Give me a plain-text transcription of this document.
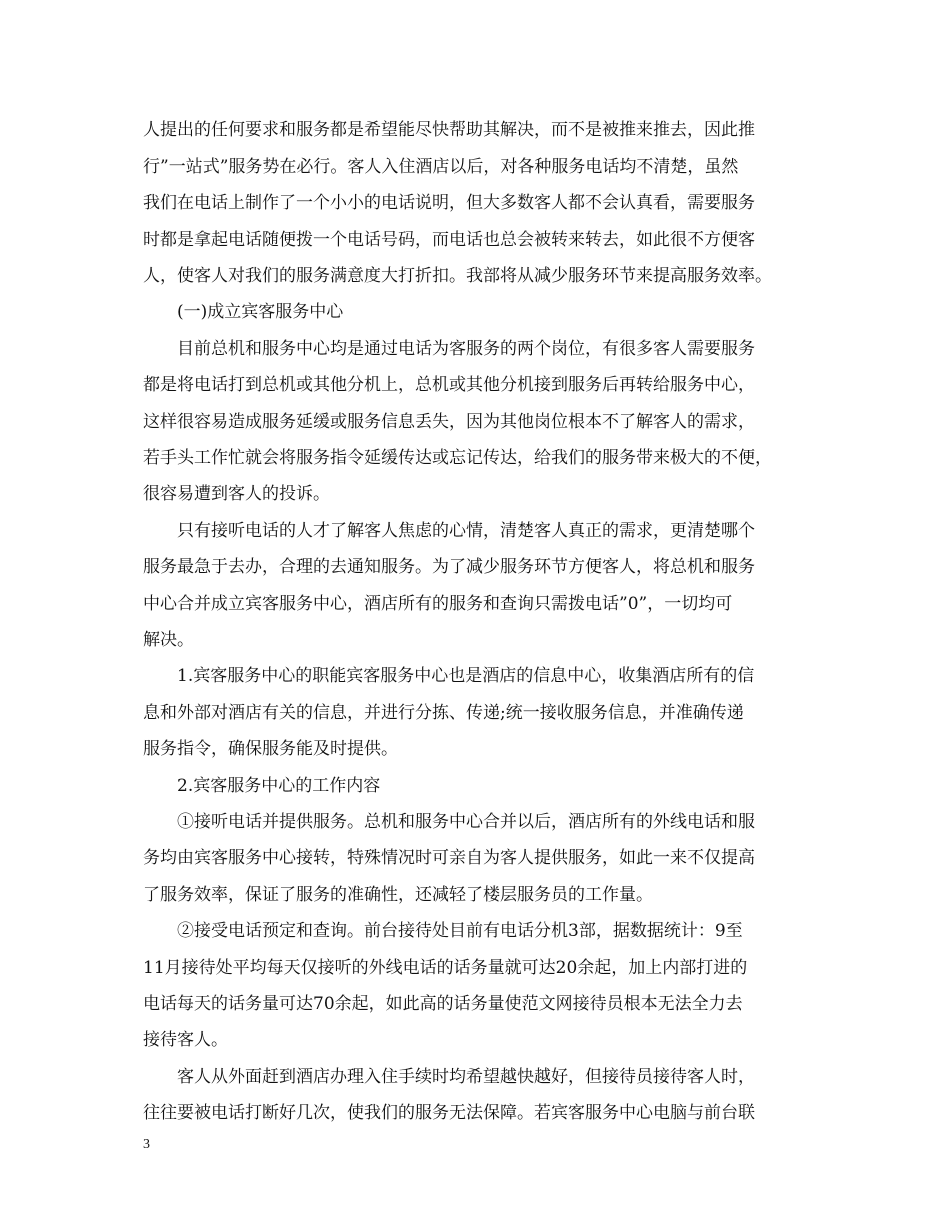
人提出的任何要求和服务都是希望能尽快帮助其解决，而不是被推来推去，因此推
行”一站式”服务势在必行。客人入住酒店以后，对各种服务电话均不清楚，虽然
我们在电话上制作了一个小小的电话说明，但大多数客人都不会认真看，需要服务
时都是拿起电话随便拨一个电话号码，而电话也总会被转来转去，如此很不方便客
人，使客人对我们的服务满意度大打折扣。我部将从减少服务环节来提高服务效率。
(一)成立宾客服务中心
目前总机和服务中心均是通过电话为客服务的两个岗位，有很多客人需要服务
都是将电话打到总机或其他分机上，总机或其他分机接到服务后再转给服务中心，
这样很容易造成服务延缓或服务信息丢失，因为其他岗位根本不了解客人的需求，
若手头工作忙就会将服务指令延缓传达或忘记传达，给我们的服务带来极大的不便，
很容易遭到客人的投诉。
只有接听电话的人才了解客人焦虑的心情，清楚客人真正的需求，更清楚哪个
服务最急于去办，合理的去通知服务。为了减少服务环节方便客人，将总机和服务
中心合并成立宾客服务中心，酒店所有的服务和查询只需拨电话”0”，一切均可
解决。
1.宾客服务中心的职能宾客服务中心也是酒店的信息中心，收集酒店所有的信
息和外部对酒店有关的信息，并进行分拣、传递;统一接收服务信息，并准确传递
服务指令，确保服务能及时提供。
2.宾客服务中心的工作内容
①接听电话并提供服务。总机和服务中心合并以后，酒店所有的外线电话和服
务均由宾客服务中心接转，特殊情况时可亲自为客人提供服务，如此一来不仅提高
了服务效率，保证了服务的准确性，还减轻了楼层服务员的工作量。
②接受电话预定和查询。前台接待处目前有电话分机3部，据数据统计：9至
11月接待处平均每天仅接听的外线电话的话务量就可达20余起，加上内部打进的
电话每天的话务量可达70余起，如此高的话务量使范文网接待员根本无法全力去
接待客人。
客人从外面赶到酒店办理入住手续时均希望越快越好，但接待员接待客人时，
往往要被电话打断好几次，使我们的服务无法保障。若宾客服务中心电脑与前台联
3
